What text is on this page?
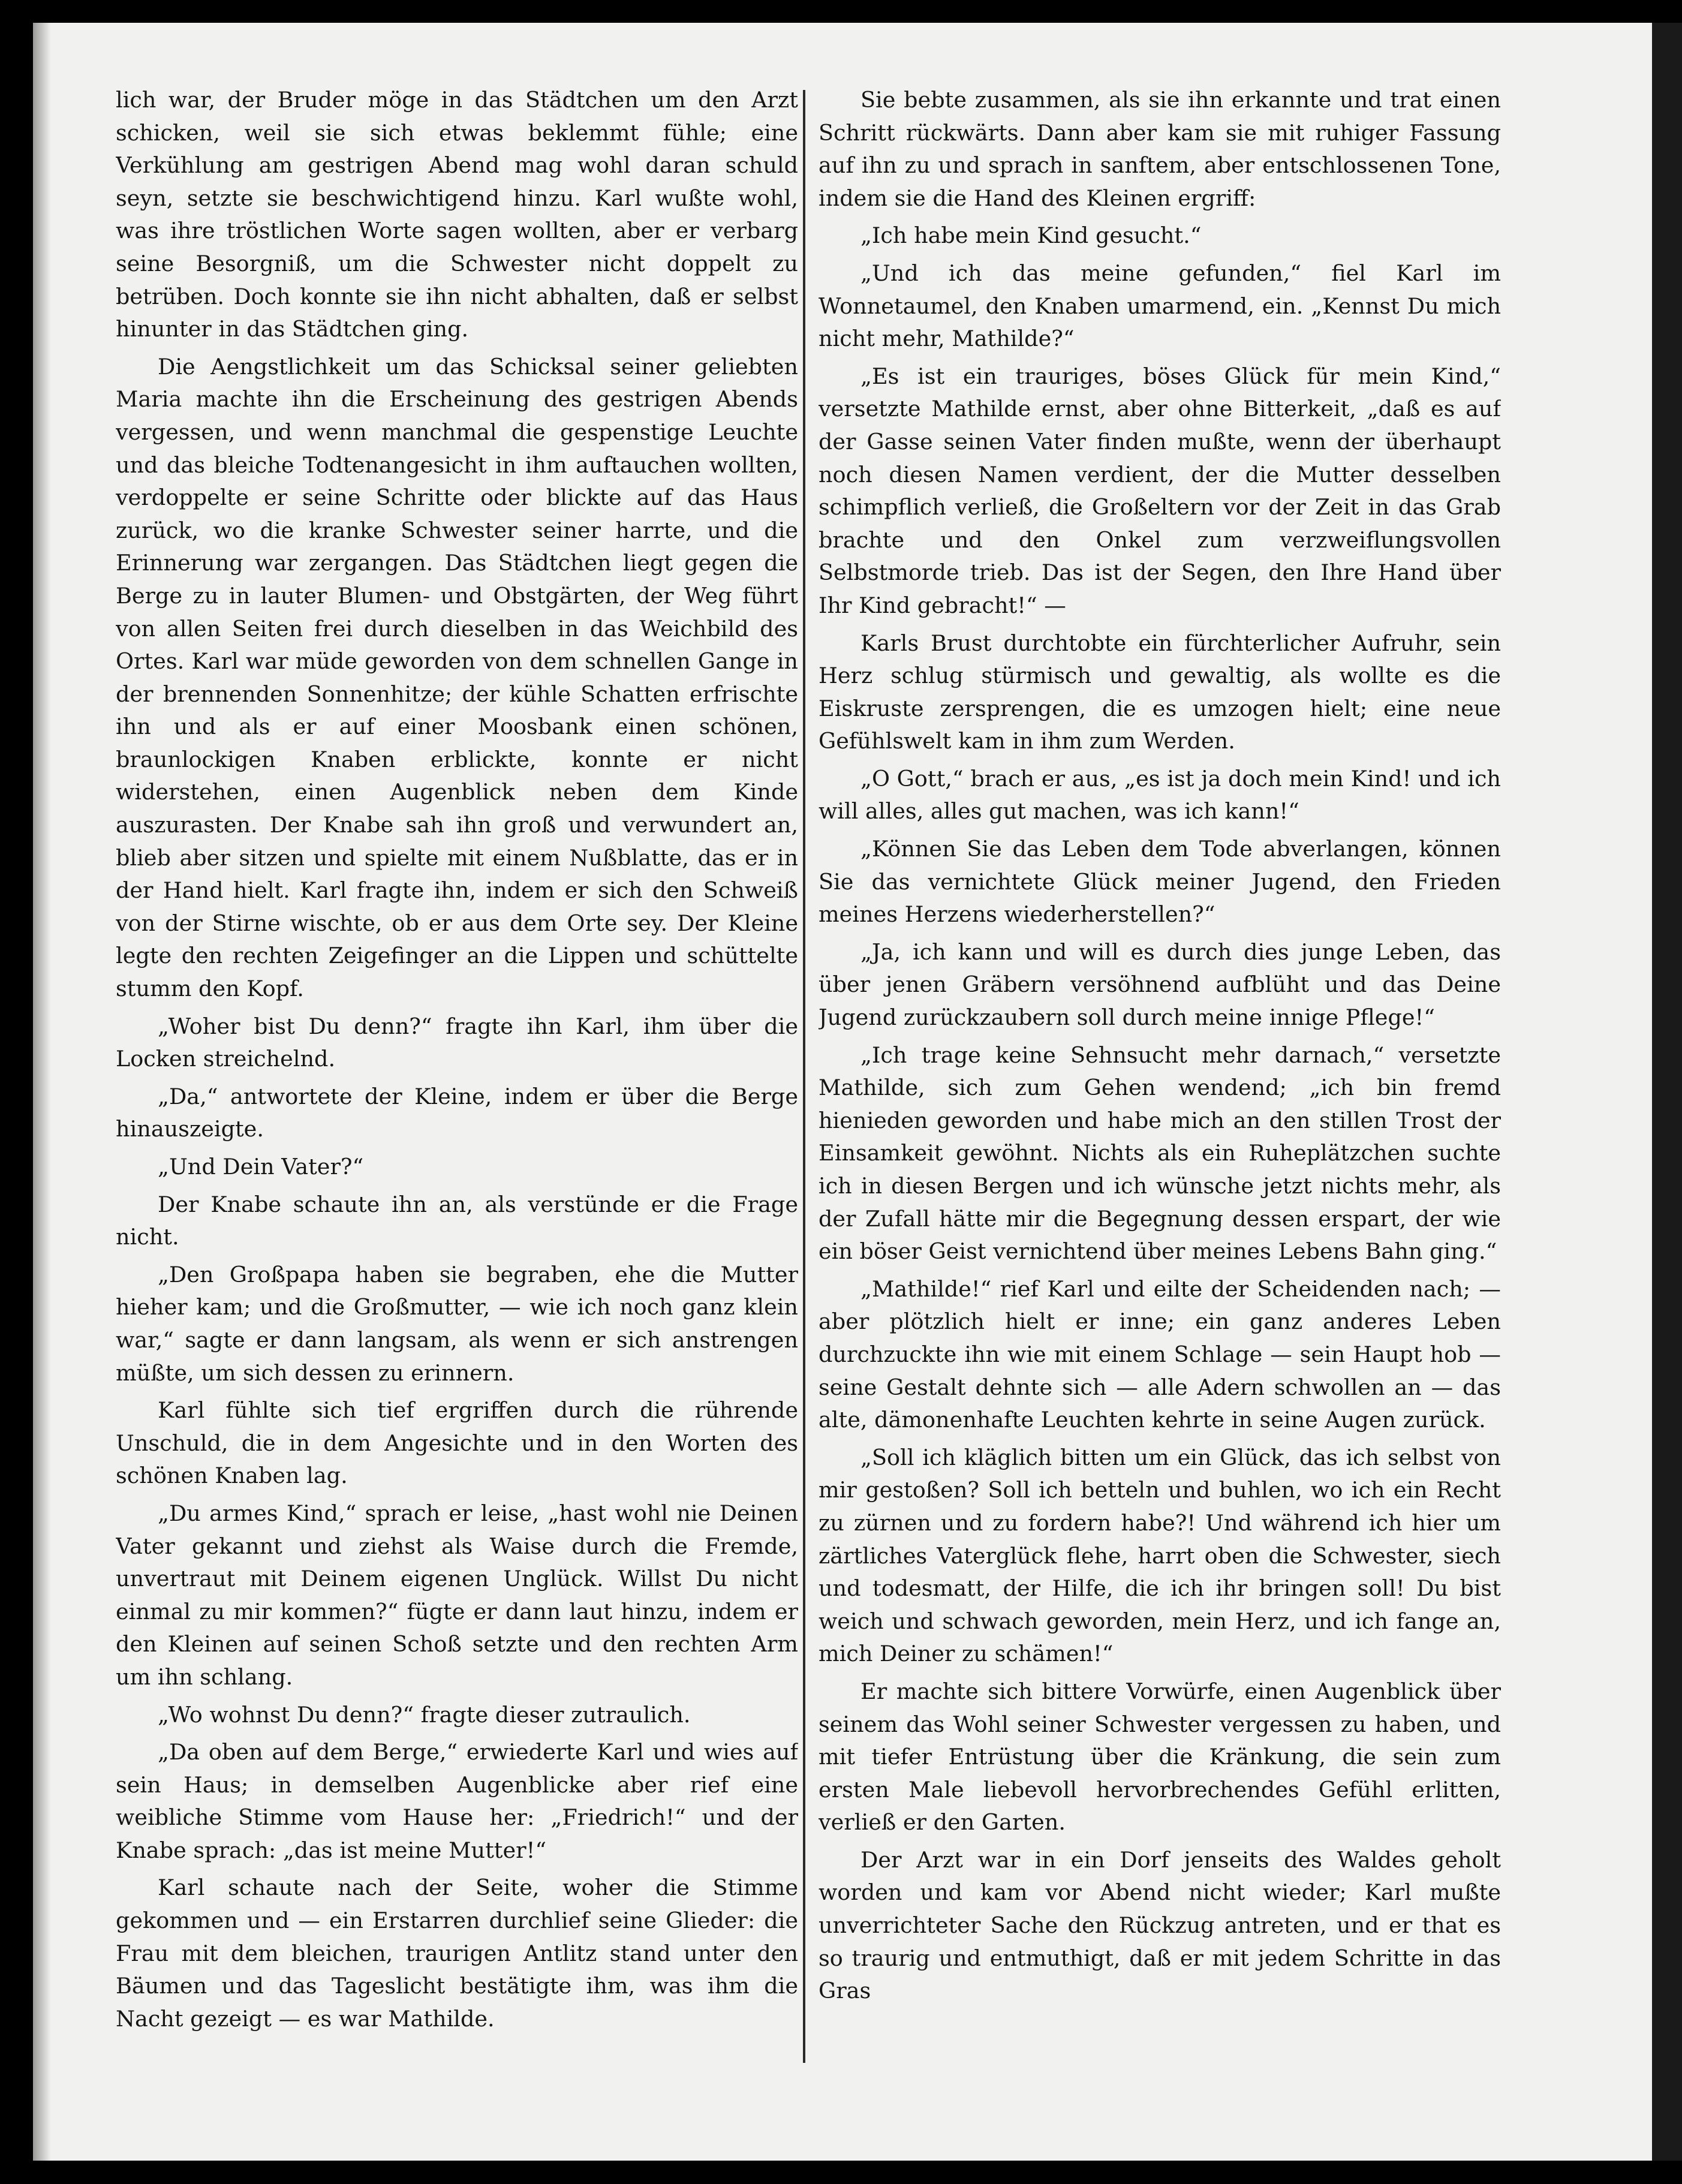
lich war, der Bruder möge in das Städtchen um den Arzt schicken, weil sie sich etwas beklemmt fühle; eine Verkühlung am gestrigen Abend mag wohl daran schuld seyn, setzte sie beschwichtigend hinzu. Karl wußte wohl, was ihre tröstlichen Worte sagen wollten, aber er verbarg seine Besorgniß, um die Schwester nicht doppelt zu betrüben. Doch konnte sie ihn nicht abhalten, daß er selbst hinunter in das Städtchen ging.

Die Aengstlichkeit um das Schicksal seiner geliebten Maria machte ihn die Erscheinung des gestrigen Abends vergessen, und wenn manchmal die gespenstige Leuchte und das bleiche Todtenangesicht in ihm auftauchen wollten, verdoppelte er seine Schritte oder blickte auf das Haus zurück, wo die kranke Schwester seiner harrte, und die Erinnerung war zergangen. Das Städtchen liegt gegen die Berge zu in lauter Blumen- und Obstgärten, der Weg führt von allen Seiten frei durch dieselben in das Weichbild des Ortes. Karl war müde geworden von dem schnellen Gange in der brennenden Sonnenhitze; der kühle Schatten erfrischte ihn und als er auf einer Moosbank einen schönen, braunlockigen Knaben erblickte, konnte er nicht widerstehen, einen Augenblick neben dem Kinde auszurasten. Der Knabe sah ihn groß und verwundert an, blieb aber sitzen und spielte mit einem Nußblatte, das er in der Hand hielt. Karl fragte ihn, indem er sich den Schweiß von der Stirne wischte, ob er aus dem Orte sey. Der Kleine legte den rechten Zeigefinger an die Lippen und schüttelte stumm den Kopf.

„Woher bist Du denn?“ fragte ihn Karl, ihm über die Locken streichelnd.

„Da,“ antwortete der Kleine, indem er über die Berge hinauszeigte.

„Und Dein Vater?“

Der Knabe schaute ihn an, als verstünde er die Frage nicht.

„Den Großpapa haben sie begraben, ehe die Mutter hieher kam; und die Großmutter, — wie ich noch ganz klein war,“ sagte er dann langsam, als wenn er sich anstrengen müßte, um sich dessen zu erinnern.

Karl fühlte sich tief ergriffen durch die rührende Unschuld, die in dem Angesichte und in den Worten des schönen Knaben lag.

„Du armes Kind,“ sprach er leise, „hast wohl nie Deinen Vater gekannt und ziehst als Waise durch die Fremde, unvertraut mit Deinem eigenen Unglück. Willst Du nicht einmal zu mir kommen?“ fügte er dann laut hinzu, indem er den Kleinen auf seinen Schoß setzte und den rechten Arm um ihn schlang.

„Wo wohnst Du denn?“ fragte dieser zutraulich.

„Da oben auf dem Berge,“ erwiederte Karl und wies auf sein Haus; in demselben Augenblicke aber rief eine weibliche Stimme vom Hause her: „Friedrich!“ und der Knabe sprach: „das ist meine Mutter!“

Karl schaute nach der Seite, woher die Stimme gekommen und — ein Erstarren durchlief seine Glieder: die Frau mit dem bleichen, traurigen Antlitz stand unter den Bäumen und das Tageslicht bestätigte ihm, was ihm die Nacht gezeigt — es war Mathilde.

Sie bebte zusammen, als sie ihn erkannte und trat einen Schritt rückwärts. Dann aber kam sie mit ruhiger Fassung auf ihn zu und sprach in sanftem, aber entschlossenen Tone, indem sie die Hand des Kleinen ergriff:

„Ich habe mein Kind gesucht.“

„Und ich das meine gefunden,“ fiel Karl im Wonnetaumel, den Knaben umarmend, ein. „Kennst Du mich nicht mehr, Mathilde?“

„Es ist ein trauriges, böses Glück für mein Kind,“ versetzte Mathilde ernst, aber ohne Bitterkeit, „daß es auf der Gasse seinen Vater finden mußte, wenn der überhaupt noch diesen Namen verdient, der die Mutter desselben schimpflich verließ, die Großeltern vor der Zeit in das Grab brachte und den Onkel zum verzweiflungsvollen Selbstmorde trieb. Das ist der Segen, den Ihre Hand über Ihr Kind gebracht!“ —

Karls Brust durchtobte ein fürchterlicher Aufruhr, sein Herz schlug stürmisch und gewaltig, als wollte es die Eiskruste zersprengen, die es umzogen hielt; eine neue Gefühlswelt kam in ihm zum Werden.

„O Gott,“ brach er aus, „es ist ja doch mein Kind! und ich will alles, alles gut machen, was ich kann!“

„Können Sie das Leben dem Tode abverlangen, können Sie das vernichtete Glück meiner Jugend, den Frieden meines Herzens wiederherstellen?“

„Ja, ich kann und will es durch dies junge Leben, das über jenen Gräbern versöhnend aufblüht und das Deine Jugend zurückzaubern soll durch meine innige Pflege!“

„Ich trage keine Sehnsucht mehr darnach,“ versetzte Mathilde, sich zum Gehen wendend; „ich bin fremd hienieden geworden und habe mich an den stillen Trost der Einsamkeit gewöhnt. Nichts als ein Ruheplätzchen suchte ich in diesen Bergen und ich wünsche jetzt nichts mehr, als der Zufall hätte mir die Begegnung dessen erspart, der wie ein böser Geist vernichtend über meines Lebens Bahn ging.“

„Mathilde!“ rief Karl und eilte der Scheidenden nach; — aber plötzlich hielt er inne; ein ganz anderes Leben durchzuckte ihn wie mit einem Schlage — sein Haupt hob — seine Gestalt dehnte sich — alle Adern schwollen an — das alte, dämonenhafte Leuchten kehrte in seine Augen zurück.

„Soll ich kläglich bitten um ein Glück, das ich selbst von mir gestoßen? Soll ich betteln und buhlen, wo ich ein Recht zu zürnen und zu fordern habe?! Und während ich hier um zärtliches Vaterglück flehe, harrt oben die Schwester, siech und todesmatt, der Hilfe, die ich ihr bringen soll! Du bist weich und schwach geworden, mein Herz, und ich fange an, mich Deiner zu schämen!“

Er machte sich bittere Vorwürfe, einen Augenblick über seinem das Wohl seiner Schwester vergessen zu haben, und mit tiefer Entrüstung über die Kränkung, die sein zum ersten Male liebevoll hervorbrechendes Gefühl erlitten, verließ er den Garten.

Der Arzt war in ein Dorf jenseits des Waldes geholt worden und kam vor Abend nicht wieder; Karl mußte unverrichteter Sache den Rückzug antreten, und er that es so traurig und entmuthigt, daß er mit jedem Schritte in das Gras
